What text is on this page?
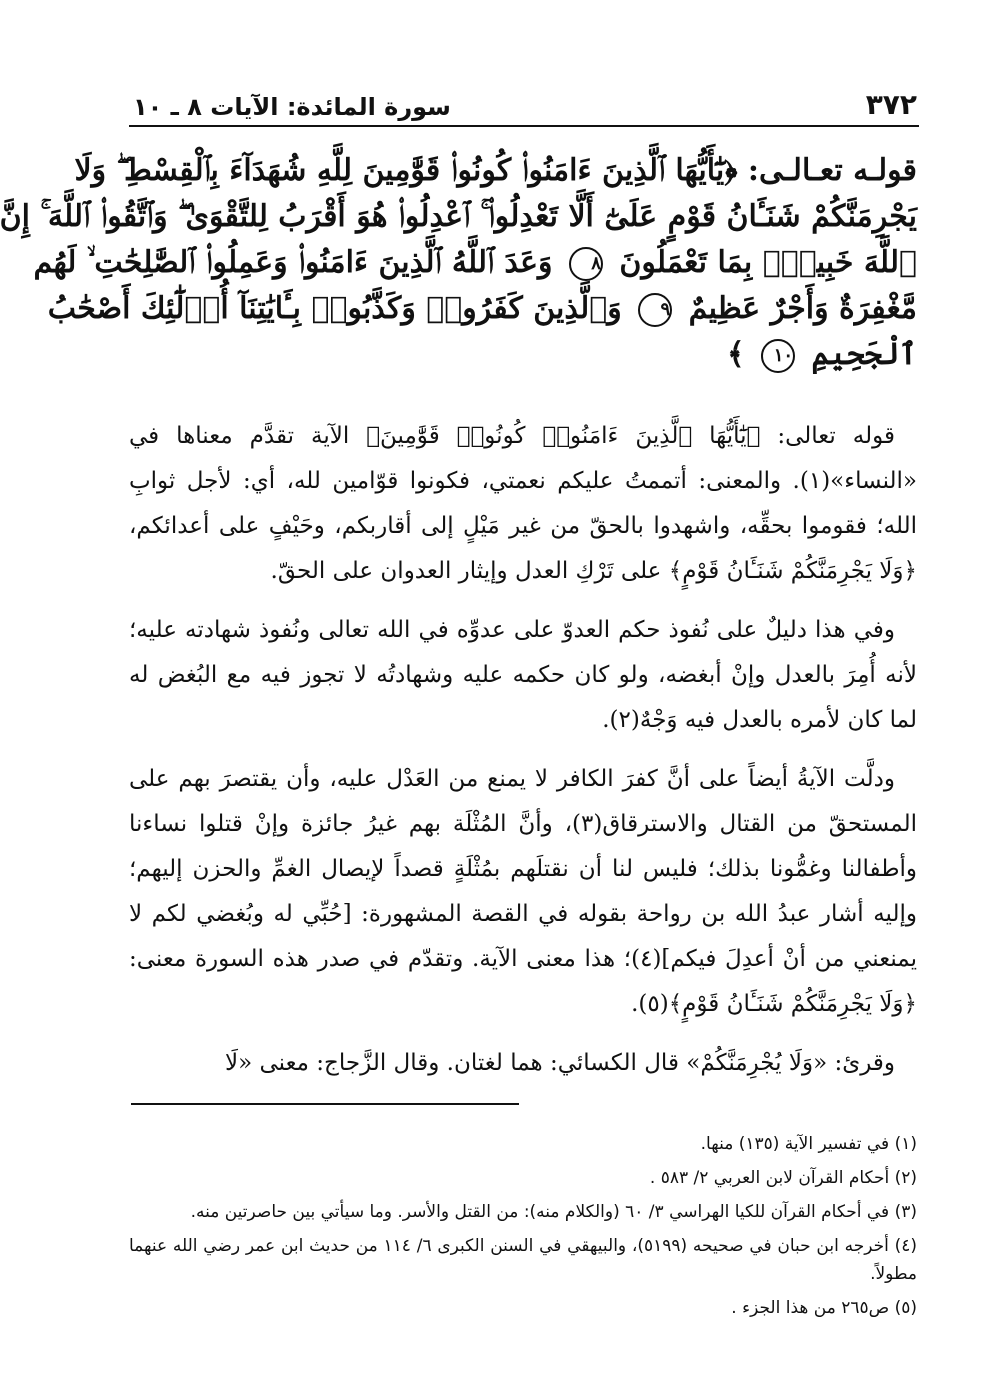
٣٧٢
سورة المائدة: الآيات ٨ ـ ١٠
قولـه تعـالـى: ﴿يَٰٓأَيُّهَا ٱلَّذِينَ ءَامَنُوا۟ كُونُوا۟ قَوَّٰمِينَ لِلَّهِ شُهَدَآءَ بِٱلْقِسْطِ ۖ وَلَا
يَجْرِمَنَّكُمْ شَنَـَٔانُ قَوْمٍ عَلَىٰٓ أَلَّا تَعْدِلُوا۟ ۚ ٱعْدِلُوا۟ هُوَ أَقْرَبُ لِلتَّقْوَىٰ ۖ وَٱتَّقُوا۟ ٱللَّهَ ۚ إِنَّ
ٱللَّهَ خَبِيرٌۢ بِمَا تَعْمَلُونَ ٨ وَعَدَ ٱللَّهُ ٱلَّذِينَ ءَامَنُوا۟ وَعَمِلُوا۟ ٱلصَّٰلِحَٰتِ ۙ لَهُم
مَّغْفِرَةٌ وَأَجْرٌ عَظِيمٌ ٩ وَٱلَّذِينَ كَفَرُوا۟ وَكَذَّبُوا۟ بِـَٔايَٰتِنَآ أُو۟لَٰٓئِكَ أَصْحَٰبُ
ٱلْجَحِيمِ ١٠ ﴾

قوله تعالى: ﴿يَٰٓأَيُّهَا ٱلَّذِينَ ءَامَنُوا۟ كُونُوا۟ قَوَّٰمِينَ﴾ الآية تقدَّم معناها في «النساء»(١). والمعنى: أتممتُ عليكم نعمتي، فكونوا قوّامين لله، أي: لأجل ثوابِ الله؛ فقوموا بحقِّه، واشهدوا بالحقّ من غير مَيْلٍ إلى أقاربكم، وحَيْفٍ على أعدائكم، ﴿وَلَا يَجْرِمَنَّكُمْ شَنَـَٔانُ قَوْمٍ﴾ على تَرْكِ العدل وإيثار العدوان على الحقّ.

وفي هذا دليلٌ على نُفوذ حكم العدوّ على عدوِّه في الله تعالى ونُفوذ شهادته عليه؛ لأنه أُمِرَ بالعدل وإنْ أبغضه، ولو كان حكمه عليه وشهادتُه لا تجوز فيه مع البُغض له لما كان لأمره بالعدل فيه وَجْهٌ(٢).

ودلَّت الآيةُ أيضاً على أنَّ كفرَ الكافر لا يمنع من العَدْل عليه، وأن يقتصرَ بهم على المستحقّ من القتال والاسترقاق(٣)، وأنَّ المُثْلَة بهم غيرُ جائزة وإنْ قتلوا نساءنا وأطفالنا وغمُّونا بذلك؛ فليس لنا أن نقتلَهم بمُثْلَةٍ قصداً لإيصال الغمِّ والحزن إليهم؛ وإليه أشار عبدُ الله بن رواحة بقوله في القصة المشهورة: [حُبِّي له وبُغضي لكم لا يمنعني من أنْ أعدِلَ فيكم](٤)؛ هذا معنى الآية. وتقدّم في صدر هذه السورة معنى: ﴿وَلَا يَجْرِمَنَّكُمْ شَنَـَٔانُ قَوْمٍ﴾(٥).

وقرئ: «وَلَا يُجْرِمَنَّكُمْ» قال الكسائي: هما لغتان. وقال الزَّجاج: معنى «لَا

(١) في تفسير الآية (١٣٥) منها.

(٢) أحكام القرآن لابن العربي ٢/ ٥٨٣ .

(٣) في أحكام القرآن للكيا الهراسي ٣/ ٦٠ (والكلام منه): من القتل والأسر. وما سيأتي بين حاصرتين منه.

(٤) أخرجه ابن حبان في صحيحه (٥١٩٩)، والبيهقي في السنن الكبرى ٦/ ١١٤ من حديث ابن عمر رضي الله عنهما مطولاً.

(٥) ص٢٦٥ من هذا الجزء .
